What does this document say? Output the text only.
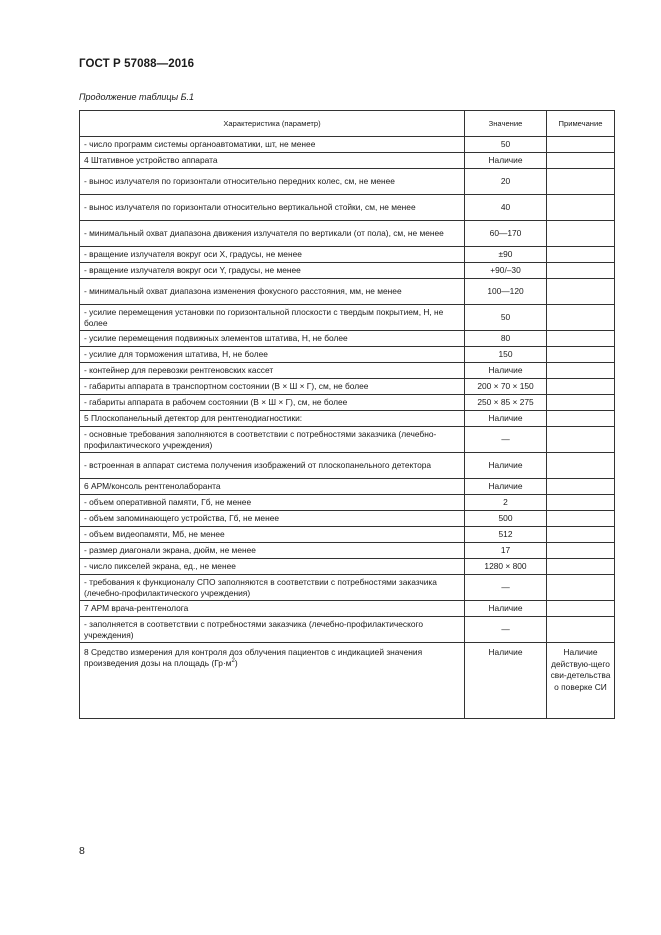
ГОСТ Р 57088—2016
Продолжение таблицы Б.1
Характеристика (параметр)	Значение	Примечание
- число программ системы органоавтоматики, шт, не менее	50	
4 Штативное устройство аппарата	Наличие	
- вынос излучателя по горизонтали относительно передних колес, см, не менее	20	
- вынос излучателя по горизонтали относительно вертикальной стойки, см, не менее	40	
- минимальный охват диапазона движения излучателя по вертикали (от пола), см, не менее	60—170	
- вращение излучателя вокруг оси X, градусы, не менее	±90	
- вращение излучателя вокруг оси Y, градусы, не менее	+90/–30	
- минимальный охват диапазона изменения фокусного расстояния, мм, не менее	100—120	
- усилие перемещения установки по горизонтальной плоскости с твердым покрытием, Н, не более	50	
- усилие перемещения подвижных элементов штатива, Н, не более	80	
- усилие для торможения штатива, Н, не более	150	
- контейнер для перевозки рентгеновских кассет	Наличие	
- габариты аппарата в транспортном состоянии (В × Ш × Г), см, не более	200 × 70 × 150	
- габариты аппарата в рабочем состоянии (В × Ш × Г), см, не более	250 × 85 × 275	
5 Плоскопанельный детектор для рентгенодиагностики:	Наличие	
- основные требования заполняются в соответствии с потребностями заказчика (лечебно-профилактического учреждения)	—	
- встроенная в аппарат система получения изображений от плоскопанельного детектора	Наличие	
6 АРМ/консоль рентгенолаборанта	Наличие	
- объем оперативной памяти, Гб, не менее	2	
- объем запоминающего устройства, Гб, не менее	500	
- объем видеопамяти, Мб, не менее	512	
- размер диагонали экрана, дюйм, не менее	17	
- число пикселей экрана, ед., не менее	1280 × 800	
- требования к функционалу СПО заполняются в соответствии с потребностями заказчика (лечебно-профилактического учреждения)	—	
7 АРМ врача-рентгенолога	Наличие	
- заполняется в соответствии с потребностями заказчика (лечебно-профилактического учреждения)	—	
8 Средство измерения для контроля доз облучения пациентов с индикацией значения произведения дозы на площадь $(Гр\cdot м^2)$	Наличие	Наличие действую-щего сви-детельства о поверке СИ
8
